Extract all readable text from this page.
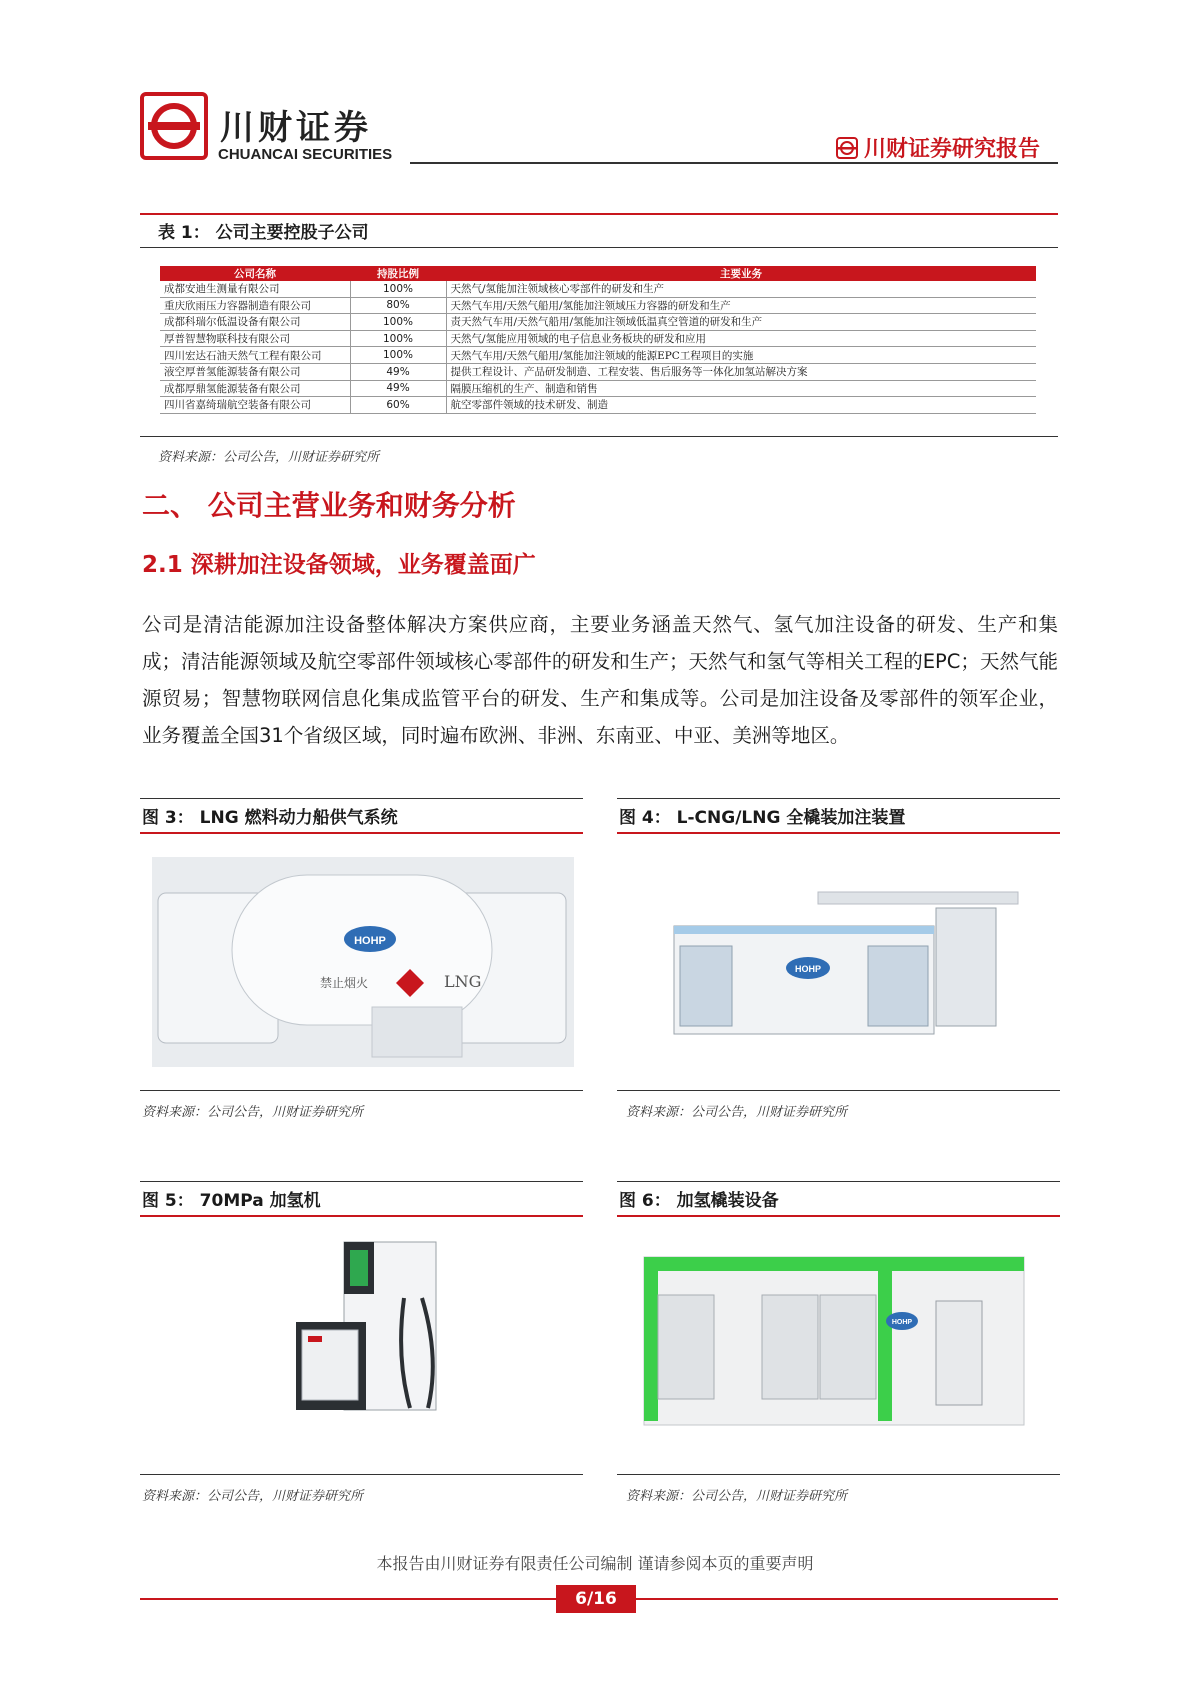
川财证券
CHUANCAI SECURITIES	川财证券研究报告
表 1： 公司主要控股子公司
公司名称	持股比例	主要业务
成都安迪生测量有限公司	100%	天然气/氢能加注领域核心零部件的研发和生产
重庆欣雨压力容器制造有限公司	80%	天然气车用/天然气船用/氢能加注领域压力容器的研发和生产
成都科瑞尔低温设备有限公司	100%	责天然气车用/天然气船用/氢能加注领域低温真空管道的研发和生产
厚普智慧物联科技有限公司	100%	天然气/氢能应用领域的电子信息业务板块的研发和应用
四川宏达石油天然气工程有限公司	100%	天然气车用/天然气船用/氢能加注领域的能源EPC工程项目的实施
液空厚普氢能源装备有限公司	49%	提供工程设计、产品研发制造、工程安装、售后服务等一体化加氢站解决方案
成都厚鼎氢能源装备有限公司	49%	隔膜压缩机的生产、制造和销售
四川省嘉绮瑞航空装备有限公司	60%	航空零部件领域的技术研发、制造
资料来源：公司公告，川财证券研究所
二、 公司主营业务和财务分析
2.1 深耕加注设备领域，业务覆盖面广
公司是清洁能源加注设备整体解决方案供应商，主要业务涵盖天然气、氢气加注设备的研发、生产和集成；清洁能源领域及航空零部件领域核心零部件的研发和生产；天然气和氢气等相关工程的EPC；天然气能源贸易；智慧物联网信息化集成监管平台的研发、生产和集成等。公司是加注设备及零部件的领军企业，业务覆盖全国31个省级区域，同时遍布欧洲、非洲、东南亚、中亚、美洲等地区。
图 3： LNG 燃料动力船供气系统
HOHP
LNG
禁止烟火
资料来源：公司公告，川财证券研究所
图 4： L-CNG/LNG 全橇装加注装置
HOHP
资料来源：公司公告，川财证券研究所
图 5： 70MPa 加氢机
资料来源：公司公告，川财证券研究所
图 6： 加氢橇装设备
HOHP
资料来源：公司公告，川财证券研究所
本报告由川财证券有限责任公司编制 谨请参阅本页的重要声明
6/16
